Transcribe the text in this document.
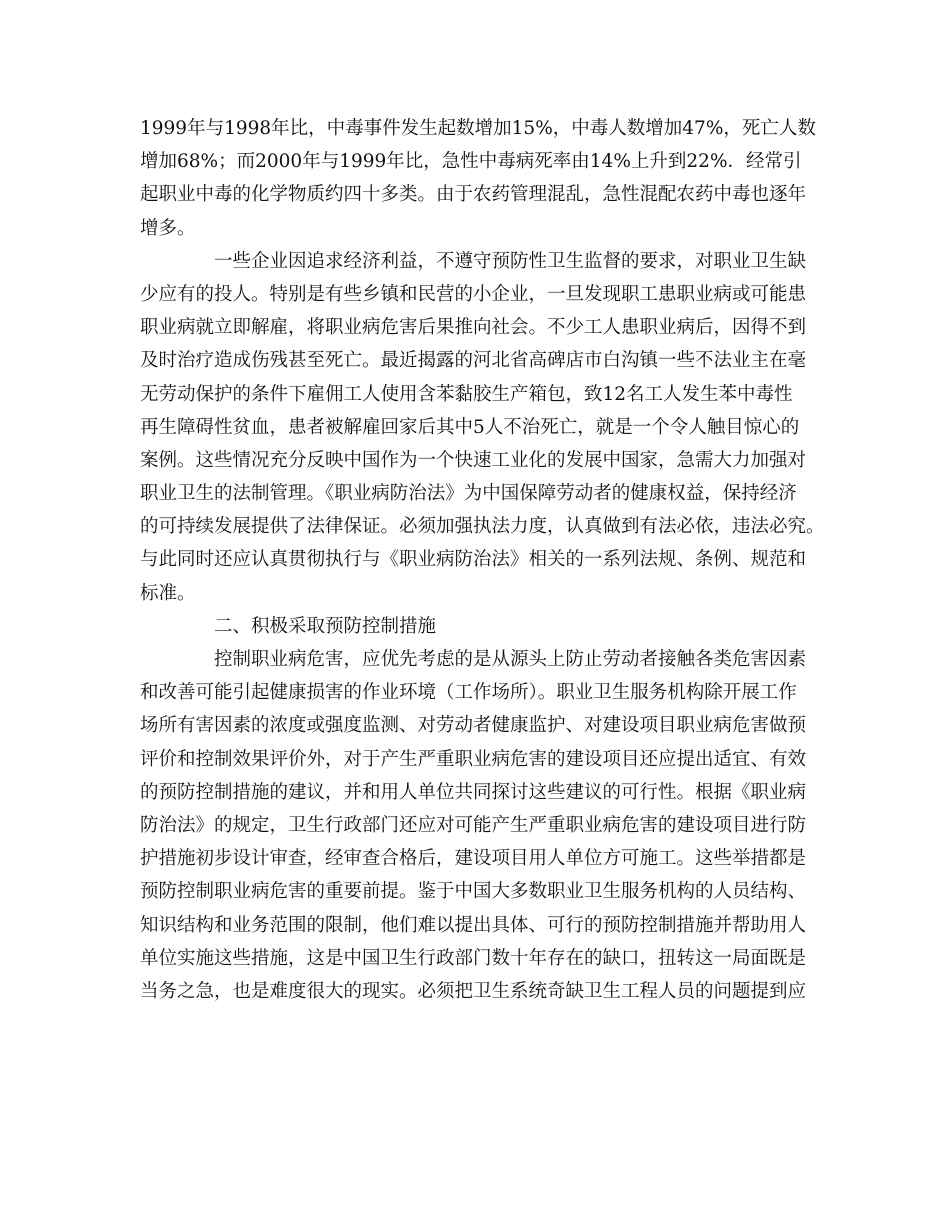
1999年与1998年比，中毒事件发生起数增加15%，中毒人数增加47%，死亡人数
增加68%；而2000年与1999年比，急性中毒病死率由14%上升到22%．经常引
起职业中毒的化学物质约四十多类。由于农药管理混乱，急性混配农药中毒也逐年
增多。
一些企业因追求经济利益，不遵守预防性卫生监督的要求，对职业卫生缺
少应有的投人。特别是有些乡镇和民营的小企业，一旦发现职工患职业病或可能患
职业病就立即解雇，将职业病危害后果推向社会。不少工人患职业病后，因得不到
及时治疗造成伤残甚至死亡。最近揭露的河北省高碑店市白沟镇一些不法业主在毫
无劳动保护的条件下雇佣工人使用含苯黏胶生产箱包，致12名工人发生苯中毒性
再生障碍性贫血，患者被解雇回家后其中5人不治死亡，就是一个令人触目惊心的
案例。这些情况充分反映中国作为一个快速工业化的发展中国家，急需大力加强对
职业卫生的法制管理。《职业病防治法》为中国保障劳动者的健康权益，保持经济
的可持续发展提供了法律保证。必须加强执法力度，认真做到有法必依，违法必究。
与此同时还应认真贯彻执行与《职业病防治法》相关的一系列法规、条例、规范和
标准。
二、积极采取预防控制措施
控制职业病危害，应优先考虑的是从源头上防止劳动者接触各类危害因素
和改善可能引起健康损害的作业环境（工作场所）。职业卫生服务机构除开展工作
场所有害因素的浓度或强度监测、对劳动者健康监护、对建设项目职业病危害做预
评价和控制效果评价外，对于产生严重职业病危害的建设项目还应提出适宜、有效
的预防控制措施的建议，并和用人单位共同探讨这些建议的可行性。根据《职业病
防治法》的规定，卫生行政部门还应对可能产生严重职业病危害的建设项目进行防
护措施初步设计审查，经审查合格后，建设项目用人单位方可施工。这些举措都是
预防控制职业病危害的重要前提。鉴于中国大多数职业卫生服务机构的人员结构、
知识结构和业务范围的限制，他们难以提出具体、可行的预防控制措施并帮助用人
单位实施这些措施，这是中国卫生行政部门数十年存在的缺口，扭转这一局面既是
当务之急，也是难度很大的现实。必须把卫生系统奇缺卫生工程人员的问题提到应
